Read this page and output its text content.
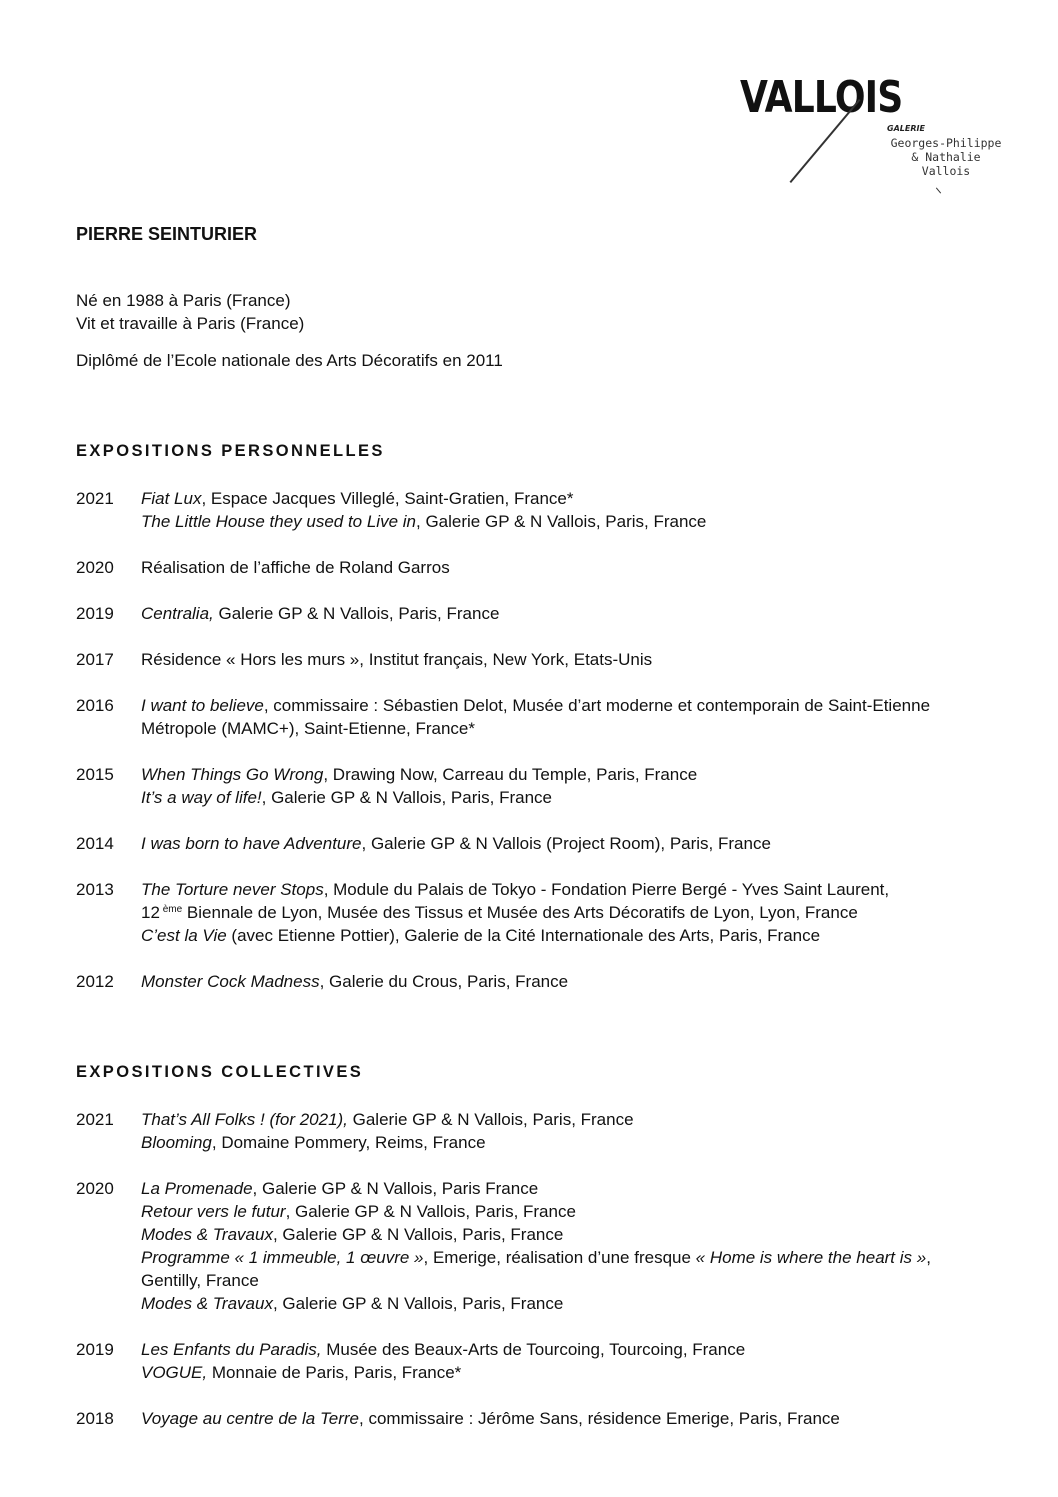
VALLOIS
GALERIE
Georges-Philippe
& Nathalie
Vallois
PIERRE SEINTURIER
Né en 1988 à Paris (France)
Vit et travaille à Paris (France)
Diplômé de l’Ecole nationale des Arts Décoratifs en 2011
EXPOSITIONS PERSONNELLES
2021	Fiat Lux, Espace Jacques Villeglé, Saint-Gratien, France*
The Little House they used to Live in, Galerie GP & N Vallois, Paris, France
2020	Réalisation de l’affiche de Roland Garros
2019	Centralia, Galerie GP & N Vallois, Paris, France
2017	Résidence « Hors les murs », Institut français, New York, Etats-Unis
2016	I want to believe, commissaire : Sébastien Delot, Musée d’art moderne et contemporain de Saint-Etienne
Métropole (MAMC+), Saint-Etienne, France*
2015	When Things Go Wrong, Drawing Now, Carreau du Temple, Paris, France
It’s a way of life!, Galerie GP & N Vallois, Paris, France
2014	I was born to have Adventure, Galerie GP & N Vallois (Project Room), Paris, France
2013	The Torture never Stops, Module du Palais de Tokyo - Fondation Pierre Bergé - Yves Saint Laurent,
12 $^{ème}$ Biennale de Lyon, Musée des Tissus et Musée des Arts Décoratifs de Lyon, Lyon, France
C’est la Vie (avec Etienne Pottier), Galerie de la Cité Internationale des Arts, Paris, France
2012	Monster Cock Madness, Galerie du Crous, Paris, France
EXPOSITIONS COLLECTIVES
2021	That’s All Folks ! (for 2021), Galerie GP & N Vallois, Paris, France
Blooming, Domaine Pommery, Reims, France
2020	La Promenade, Galerie GP & N Vallois, Paris France
Retour vers le futur, Galerie GP & N Vallois, Paris, France
Modes & Travaux, Galerie GP & N Vallois, Paris, France
Programme « 1 immeuble, 1 œuvre », Emerige, réalisation d’une fresque « Home is where the heart is »,
Gentilly, France
Modes & Travaux, Galerie GP & N Vallois, Paris, France
2019	Les Enfants du Paradis, Musée des Beaux-Arts de Tourcoing, Tourcoing, France
VOGUE, Monnaie de Paris, Paris, France*
2018	Voyage au centre de la Terre, commissaire : Jérôme Sans, résidence Emerige, Paris, France
